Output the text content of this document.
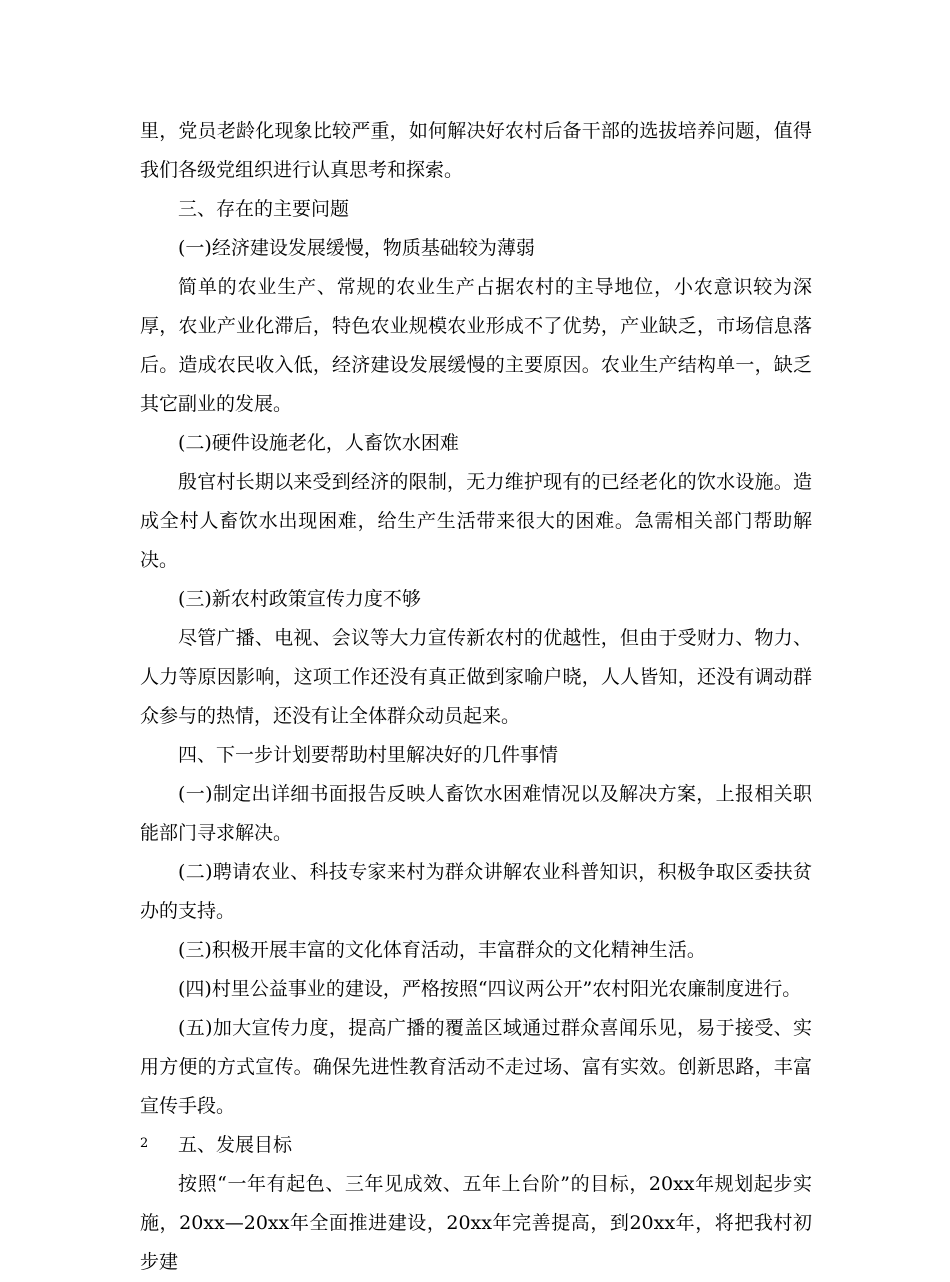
里，党员老龄化现象比较严重，如何解决好农村后备干部的选拔培养问题，值得我们各级党组织进行认真思考和探索。

三、存在的主要问题

(一)经济建设发展缓慢，物质基础较为薄弱

简单的农业生产、常规的农业生产占据农村的主导地位，小农意识较为深厚，农业产业化滞后，特色农业规模农业形成不了优势，产业缺乏，市场信息落后。造成农民收入低，经济建设发展缓慢的主要原因。农业生产结构单一，缺乏其它副业的发展。

(二)硬件设施老化，人畜饮水困难

殷官村长期以来受到经济的限制，无力维护现有的已经老化的饮水设施。造成全村人畜饮水出现困难，给生产生活带来很大的困难。急需相关部门帮助解决。

(三)新农村政策宣传力度不够

尽管广播、电视、会议等大力宣传新农村的优越性，但由于受财力、物力、人力等原因影响，这项工作还没有真正做到家喻户晓，人人皆知，还没有调动群众参与的热情，还没有让全体群众动员起来。

四、下一步计划要帮助村里解决好的几件事情

(一)制定出详细书面报告反映人畜饮水困难情况以及解决方案，上报相关职能部门寻求解决。

(二)聘请农业、科技专家来村为群众讲解农业科普知识，积极争取区委扶贫办的支持。

(三)积极开展丰富的文化体育活动，丰富群众的文化精神生活。

(四)村里公益事业的建设，严格按照“四议两公开”农村阳光农廉制度进行。

(五)加大宣传力度，提高广播的覆盖区域通过群众喜闻乐见，易于接受、实用方便的方式宣传。确保先进性教育活动不走过场、富有实效。创新思路，丰富宣传手段。

五、发展目标

按照“一年有起色、三年见成效、五年上台阶”的目标，20xx年规划起步实施，20xx—20xx年全面推进建设，20xx年完善提高，到20xx年，将把我村初步建

2
